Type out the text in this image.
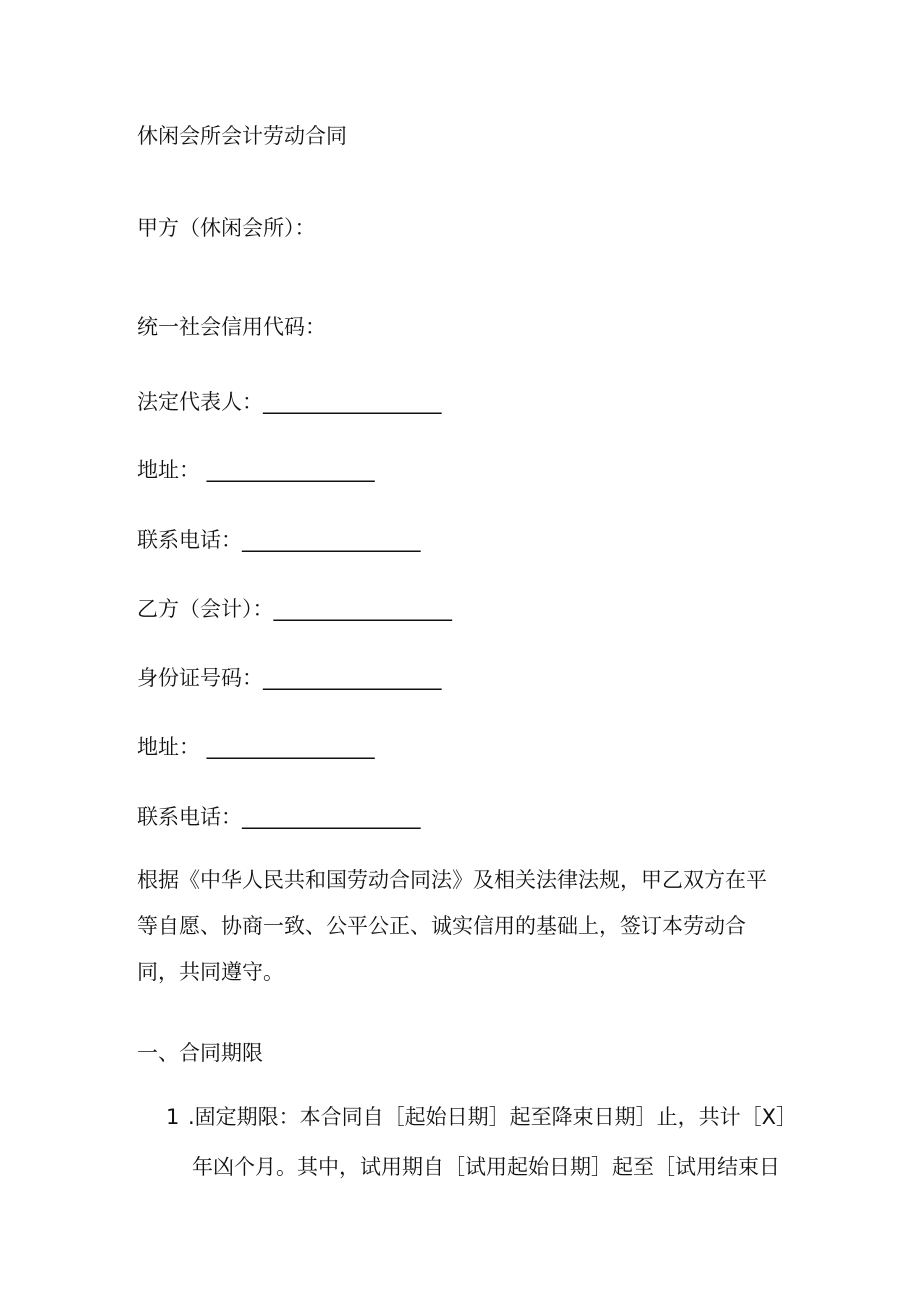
休闲会所会计劳动合同
甲方（休闲会所）：
统一社会信用代码：
法定代表人：_________________
地址： ________________
联系电话：_________________
乙方（会计）：_________________
身份证号码：_________________
地址： ________________
联系电话：_________________
根据《中华人民共和国劳动合同法》及相关法律法规，甲乙双方在平等自愿、协商一致、公平公正、诚实信用的基础上，签订本劳动合同，共同遵守。
一、合同期限
1 .固定期限：本合同自［起始日期］起至降束日期］止，共计［X］
年凶个月。其中，试用期自［试用起始日期］起至［试用结束日
